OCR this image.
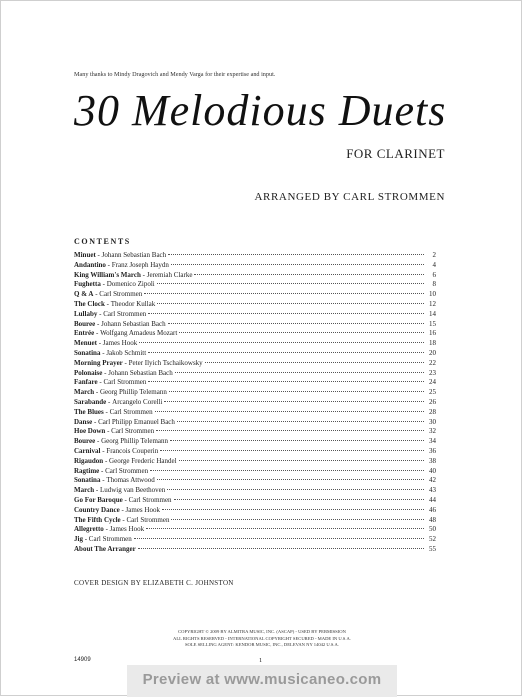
Many thanks to Mindy Dragovich and Mendy Varga for their expertise and input.
30 Melodious Duets
FOR CLARINET
ARRANGED BY CARL STROMMEN
CONTENTS
Minuet - Johann Sebastian Bach	2
Andantino - Franz Joseph Haydn	4
King William's March - Jeremiah Clarke	6
Fughetta - Domenico Zipoli	8
Q & A - Carl Strommen	10
The Clock - Theodor Kullak	12
Lullaby - Carl Strommen	14
Bouree - Johann Sebastian Bach	15
Entrée - Wolfgang Amadeus Mozart	16
Menuet - James Hook	18
Sonatina - Jakob Schmitt	20
Morning Prayer - Peter Ilyich Tschaikowsky	22
Polonaise - Johann Sebastian Bach	23
Fanfare - Carl Strommen	24
March - Georg Phillip Telemann	25
Sarabande - Arcangelo Corelli	26
The Blues - Carl Strommen	28
Danse - Carl Philipp Emanuel Bach	30
Hoe Down - Carl Strommen	32
Bouree - Georg Phillip Telemann	34
Carnival - Francois Couperin	36
Rigaudon - George Frederic Handel	38
Ragtime - Carl Strommen	40
Sonatina - Thomas Attwood	42
March - Ludwig van Beethoven	43
Go For Baroque - Carl Strommen	44
Country Dance - James Hook	46
The Fifth Cycle - Carl Strommen	48
Allegretto - James Hook	50
Jig - Carl Strommen	52
About The Arranger	55
COVER DESIGN BY ELIZABETH C. JOHNSTON
COPYRIGHT © 2009 BY ALMITRA MUSIC, INC. (ASCAP) - USED BY PERMISSION
ALL RIGHTS RESERVED - INTERNATIONAL COPYRIGHT SECURED - MADE IN U.S.A.
SOLE SELLING AGENT: KENDOR MUSIC, INC., DELEVAN NY 14042 U.S.A.
14909	1
Preview at www.musicaneo.com
